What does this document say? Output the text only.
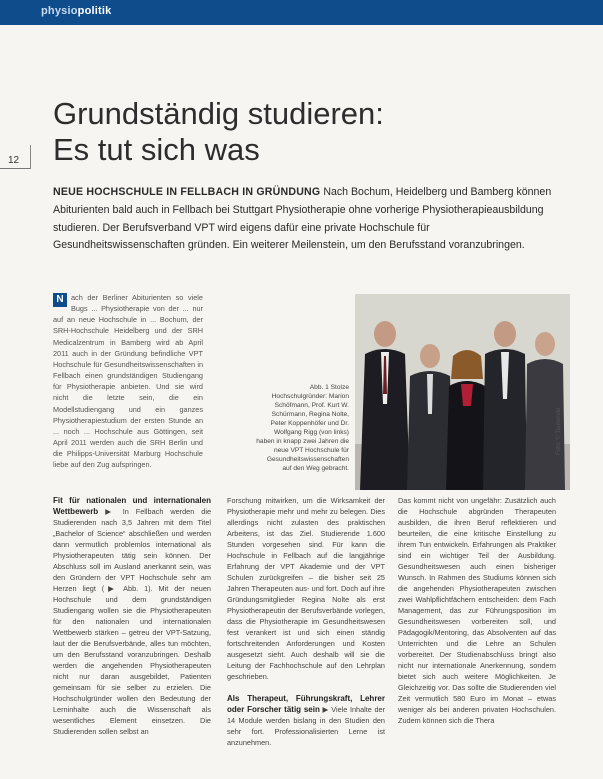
physiopolitik
12
Grundständig studieren:
Es tut sich was
NEUE HOCHSCHULE IN FELLBACH IN GRÜNDUNG Nach Bochum, Heidelberg und Bamberg können Abiturienten bald auch in Fellbach bei Stuttgart Physiotherapie ohne vorherige Physiotherapieausbildung studieren. Der Berufsverband VPT wird eigens dafür eine private Hochschule für Gesundheitswissenschaften gründen. Ein weiterer Meilenstein, um den Berufsstand voranzubringen.
N	ach der Berliner Abiturienten so viele Bugs ... Physiotherapie von der ... nur auf an neue Hochschule in ... Bochum, der SRH-Hochschule Heidelberg und der SRH Medicalzentrum in Bamberg wird ab April 2011 auch in der Gründung befindliche VPT Hochschule für Gesundheitswissenschaften in Fellbach einen grundständigen Studiengang für Physiotherapie anbieten. Und sie wird nicht die letzte sein, die ein Modellstudiengang und ein ganzes Physiotherapiestudium der ersten Stunde an ... noch ... Hochschule aus Göttingen, seit April 2011 werden auch die SRH Berlin und die Philipps-Universität Marburg Hochschule liebe auf den Zug aufspringen.
Abb. 1 Stolze Hochschulgründer: Marion Schöfmann, Prof. Kurt W. Schürmann, Regina Nolte, Peter Koppenhöfer und Dr. Wolfgang Rigg (von links) haben in knapp zwei Jahren die neue VPT Hochschule für Gesundheitswissenschaften auf den Weg gebracht.
Foto: © Tausende
Fit für nationalen und internationalen Wettbewerb ▶ In Fellbach werden die Studierenden nach 3,5 Jahren mit dem Titel „Bachelor of Science“ abschließen und werden dann vermutlich problemlos international als Physiotherapeuten tätig sein können. Der Abschluss soll im Ausland anerkannt sein, was den Gründern der VPT Hochschule sehr am Herzen liegt (▶ Abb. 1). Mit der neuen Hochschule und dem grundständigen Studiengang wollen sie die Physiotherapeuten für den nationalen und internationalen Wettbewerb stärken – getreu der VPT-Satzung, laut der die Berufsverbände, alles tun möchten, um den Berufsstand voranzubringen. Deshalb werden die angehenden Physiotherapeuten nicht nur daran ausgebildet, Patienten gemeinsam für sie selber zu erzielen. Die Hochschulgründer wollen den Bedeutung der Lerninhalte auch die Wissenschaft als wesentliches Element einsetzen. Die Studierenden sollen selbst an
Forschung mitwirken, um die Wirksamkeit der Physiotherapie mehr und mehr zu belegen. Dies allerdings nicht zulasten des praktischen Arbeitens, ist das Ziel. Studierende 1.600 Stunden vorgesehen sind. Für kann die Hochschule in Fellbach auf die langjährige Erfahrung der VPT Akademie und der VPT Schulen zurückgreifen – die bisher seit 25 Jahren Therapeuten aus- und fort. Doch auf ihre Gründungsmitglieder Regina Nolte als erst Physiotherapeutin der Berufsverbände vorlegen, dass die Physiotherapie im Gesundheitswesen fest verankert ist und sich einen ständig fortschreitenden Anforderungen und Kosten ausgesetzt sieht. Auch deshalb will sie die Leitung der Fachhochschule auf den Lehrplan geschrieben.

Als Therapeut, Führungskraft, Lehrer oder Forscher tätig sein ▶ Viele Inhalte der 14 Module werden bislang in den Studien den sehr fort. Professionalisierten Lerne ist anzunehmen.
Das kommt nicht von ungefähr: Zusätzlich auch die Hochschule abgründen Therapeuten ausbilden, die ihren Beruf reflektieren und beurteilen, die eine kritische Einstellung zu ihrem Tun entwickeln. Erfahrungen als Praktiker sind ein wichtiger Teil der Ausbildung. Gesundheitswesen auch einen bisheriger Wunsch. In Rahmen des Studiums können sich die angehenden Physiotherapeuten zwischen zwei Wahlpflichtfächern entscheiden: dem Fach Management, das zur Führungsposition im Gesundheitswesen vorbereiten soll, und Pädagogik/Mentoring, das Absolventen auf das Unterrichten und die Lehre an Schulen vorbereitet. Der Studienabschluss bringt also nicht nur internationale Anerkennung, sondern bietet sich auch weitere Möglichkeiten. Je Gleichzeitig vor. Das sollte die Studierenden viel Zeit vermutlich 580 Euro im Monat – etwas weniger als bei anderen privaten Hochschulen. Zudem können sich die Thera
